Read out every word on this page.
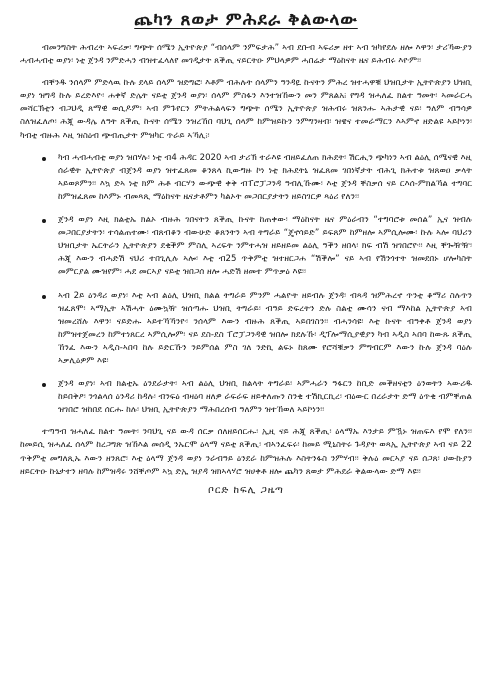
ጨካን ጸወታ ምሕደራ ቅልውላው

ብመንግስት ሕብረት ኣፍሪቃ፡ ግጭት ሰሜን ኢትዮጵያ “ብሰላም ንምፍታሕ” ኣብ ደቡብ ኣፍሪቃ ዘተ ኣብ ዝካየደሉ ዘሎ እዋን፡ ታሪኻውያን ሓብሓብቲ ወያነ፡ ነቲ ጀንዳ ንምድሓን ብዝተፈላለየ መገዲታት ጸቕጢ ናይርትዑ ምህላዎም ሓበሬታ ማዕከናት ዜና ይሕብሩ እዮም፡፡

ብቐንዱ ንሰላም ምድላዉ ኩሉ ደላይ ሰላም ዝድግፎ፡ እቶም ብሕሉት ሰላምን ዓንዳዪ ኩናትን ምሕረ ዝተሓዋቑ ህዝቢታት ኢትዮጵያን ህዝቢ ወያነ ዝግዳ ኩሉ ይረድእዮ፡ ሐቀኛ ድሌት ናይቲ ጀንዳ ወያነ፡ ሰላም ምስፋን እንተዝኸውን መን ምጸልአ፧ የግዳ ዝሓለፈ ክልተ ዓመት፡ ኣመራርሓ መሻርኽቲን ብጋህዲ ጸማዊ ወሲዶም፡ ኣብ ምጉየርን ምትሕልላፍን ግጭት ሰሜን ኢትዮጵያ ዝሕብሩ ዝጸንሑ ኣሕታዊ ናይ፡ ዓለም ብዓሳዎ ስለዝፈለጦ፡ ሕጂ ውዳሌ ለዓት ጸቕጢ ኩናት ሰሜን ንዝረኸበ ባህጊ ሰላም ከምዝይኩን ንምግንዛብ፡ ዝዌና ተመራማርን እኣምኖ ዘድልዩ ኣይኮነን፡ ካብቲ ብዙሕ እዚ ዝስዕብ ጭብጢታት ምዝካር ጥራይ ኣኻሊ፧፡

ካብ ሓብሓብቲ ወያነ ዝበሃሉ፡ ነቲ ብ4 ሕዳር 2020 ኣብ ታሪኽ ተራእዩ ብዘይፈለጠ ክሕደት፡ ሽርሒን ጭካነን ኣብ ልዕሊ ሰሜናዊ እዚ ሰራዊት ኢትዮጵያ ብጀንዳ ወያነ ዝተፈጸመ ቆንጸላ ኪውግዙ ኮነ ነቲ ክሕደትኒ ዝፈጸመ ገበነኛታት ብሕጊ ክሕተቱ ዝጸወዐ ቃላት ኣይወጾምን፡፡ እኳ ድኣ ነቲ ክም ሕቶ ብርሃን ውጭዊ ቀቅ ብፐሮፓጋንዳ ዓብሊኹሙ፡ እቲ ጀንዳ ቐስቃሰ ናይ ርእሰ-ምክልኻል ተግባር ከምዝፈጸመ ከእምኑ ብመጻጺ ማዕከናት ዜናታቶምን ካልኦት መጋበርያታትን ዘይስገርዎ ጻዕሪ የለን፡፡
ጀንዳ ወያነ እዚ ክልቲኡ ክልኦ ብዙሕ ገበናትን ጸቕጢ ኩናት ከጠቀው፡ ማዕከናት ዜና ምዕራብን “ተግባሮቱ መሰል” ኢና ዝብሉ መጋበርያታትን፡ ተሳልጠተሙ፡ ብጸብቆን ብውሁድ ቆጸንትን ኣብ ትግራይ “ጄኖሳይድ” ይፍጸም ከምዘሎ ኣምሲሎሙ፡ ኩሉ ኣሎ ባህሪን ህዝቢታት ኤርትራን ኢትዮጵያን ደቂቕም ምስሊ ኣረፍት ንምተሓዝ ዘይዘይመ ልዕሊ ዓቕን ዘበላ፡ ክፍ ብሽ ዝገበሮዮ፡፡ እዚ ቐጐዥዥ፡ ሕጂ እውን ብሓድሽ ናህሪ ተበጊሊሉ ኣሎ፡ እቲ ብ25 ጥቅምቲ ዝተዘርጋሐ “ሽቕሎ” ናይ ኣብ የሽንጎተት ዝመደበኑ ሆሎካስት መምርያል ሙዝየም፡ ሓደ መርኣያ ናይቲ ዝበጋሰ ዘሎ ሓድሽ ዘመተ ምጥቃዕ እዩ፡፡
ኣብ 2ይ ዕንዳሪ ወያነ፡ እቲ ኣብ ልዕሊ ህዝቢ ክልል ትግራይ ምንም ሓልዮት ዘይብሉ ጀንዳ፡ ብጻዳ ዝምሕረኖ ጥንቲ ቆማሪ ስሉጥን ዝፈጸሞ፡ ኣማኢት ኣሽሓት ዕሙኳዥ ዝሰጣሑ ህዝቢ ትግራይ፡ ብዓይ ድፍረትን ድሉ ስልቲ ሙሳን ናብ ማእከል ኢትዮጵያ ኣብ ዝመረሸሉ እዋን፡ ናይድሑ ኣይተኻኻንዮ፡ ንሰላም እውን ብዙሕ ጸቕጢ ኣይበገስን፡፡ ብሓንሳዩ፡ እቲ ኩናት ብዓቀቶ ጀንዳ ወያነ ከምዝተጀመረን ከምተነጸርረ ኣምሲሎም፡ ናይ ደስ-ደስ ፐሮፓጋንዳዊ ዝበሎ ክደሉኹ፡ ዲፕሎማሲያዊያን ካብ ኣዲስ ኣበባ ከውጹ ጸቕጢ ኸንፈ እውን ኣዲስ-ኣበባ ከሉ ይድርኹን ንይምሰል ምስ ገለ ንድኪ ልፍኑ ከጸሙ የሮሻቑቃን ምግብርም እውን ኩሉ ጀንዳ ባዕሉ ኣቃሊዕዎም እዩ፡
ጀንዳ ወያነ፡ ኣብ ክልቲኡ ዕንደራታት፡ ኣብ ልዕሊ ህዝቢ ክልላት ትግራይ፡ ኣምሓራን ዓፋርን ከቢድ መቕዘናቲን ዕንወትን ኣውሪዱ ከይበቅዖ፡ ንጎልላሰ ዕንዳሪ ከዳሉ፡ ብንፍዕ ብዛዕባ ዘለዎ ራፍራፍ ዘይቀለጡን ስንቂ ተሽኪርኪረ፡ ብዕውር በረራታት ድማ ዕጥቂ ብምቐጠል ዝገበሮ ዝከበደ ሰርሑ ከሉ፡ ህዝቢ ኢትዮጵያን ማሕበረሰብ ዓለምን ዝተኸወለ ኣይኮነን፡፡

ተጣዓብ ዝሓለፈ ክልተ ዓመት፡ ንባህጊ ናይ ውዳ ሰርቃ ሰለዘይሰርሑ፡ ኢዚ ናይ ሕጂ ጸቕጢ፡ ዕላማኡ እንታይ ምዃኑ ዝጠፍእ የሞ የለን፡፡ ከመይሲ ዝሓለፈ ሰላም ከረጋግጽ ዝኸእል መሰዲ ንኡርሞ ዕላማ ናይቲ ጸቕጢ፡ ብኣንፈፍሩ፡ ከመይ ሚኒስትሩ ጉዳያት ወጻኢ ኢትዮጵያ ኣብ ናይ 22 ጥቅምቲ መግለጺኡ እውን ዘንጸሮ፡ እቲ ዕላማ ጀንዳ ወያነ ንራብዓይ ዕንደራ ከምዝሕሉ እስትንፋስ ንምሃብ፡፡ ቅሉዕ መርኣያ ናይ ሰጋጸ፡ ሀውኩያን ዘይርትዑ ኩኒታተን ዘባሉ ከምዝዳሩ ንሸቐጦም ኣኳ ድኢ ዝያዳ ዝክኣላሃሮ ዝሀቀቶ ዘሎ ጨካን ጸወታ ምሕደራ ቅልውላው ድማ እዩ፡፡

ቦርድ ከፍሊ ጋዜጣ
